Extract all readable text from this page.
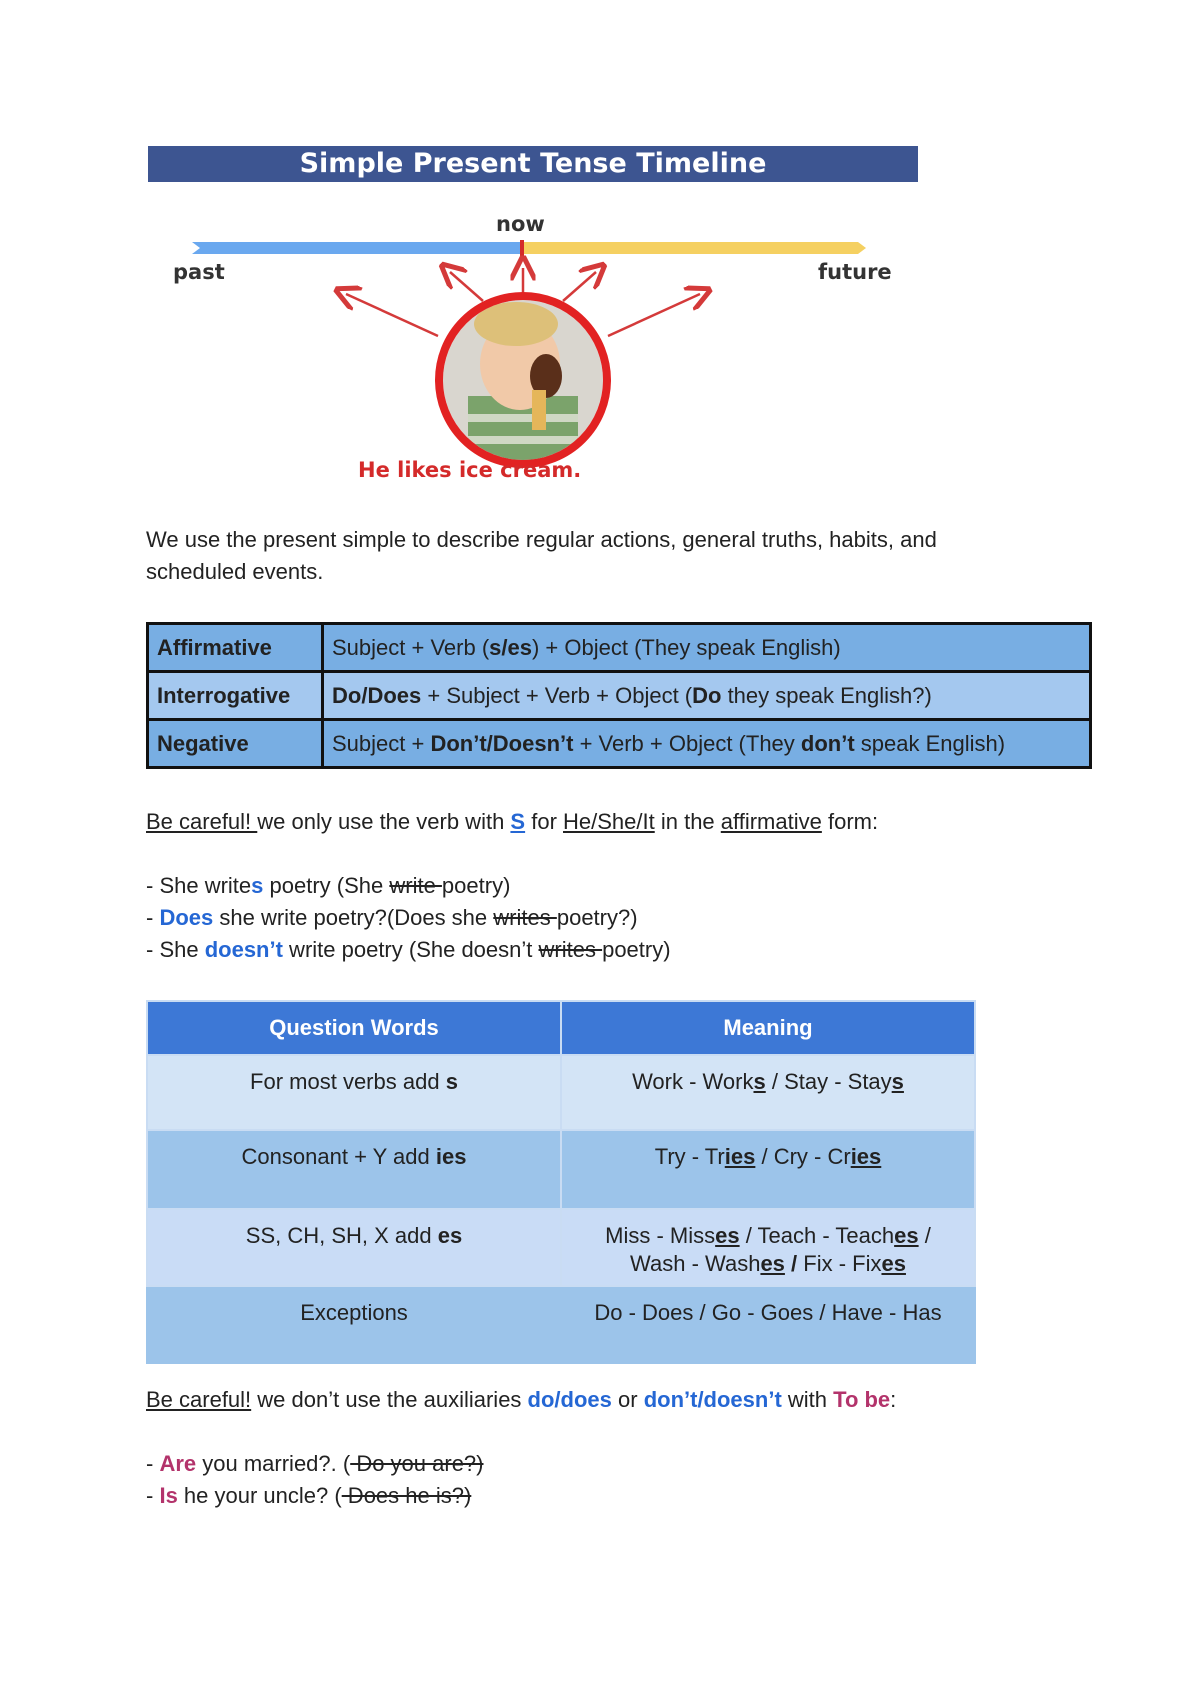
Simple Present Tense Timeline
now
past	future
He likes ice cream.
We use the present simple to describe regular actions, general truths, habits, and
scheduled events.
Affirmative	Subject + Verb (s/es) + Object (They speak English)
Interrogative	Do/Does + Subject + Verb + Object (Do they speak English?)
Negative	Subject + Don’t/Doesn’t + Verb + Object (They don’t speak English)
Be careful! we only use the verb with S for He/She/It in the affirmative form:
- She writes poetry (She write poetry)
- Does she write poetry?(Does she writes poetry?)
- She doesn’t write poetry (She doesn’t writes poetry)
Question Words	Meaning
For most verbs add s	Work - Works / Stay - Stays
Consonant + Y add ies	Try - Tries / Cry - Cries
SS, CH, SH, X add es	Miss - Misses / Teach - Teaches /
Wash - Washes / Fix - Fixes
Exceptions	Do - Does / Go - Goes / Have - Has
Be careful! we don’t use the auxiliaries do/does or don’t/doesn’t with To be:
- Are you married?. ( Do you are?)
- Is he your uncle? ( Does he is?)
